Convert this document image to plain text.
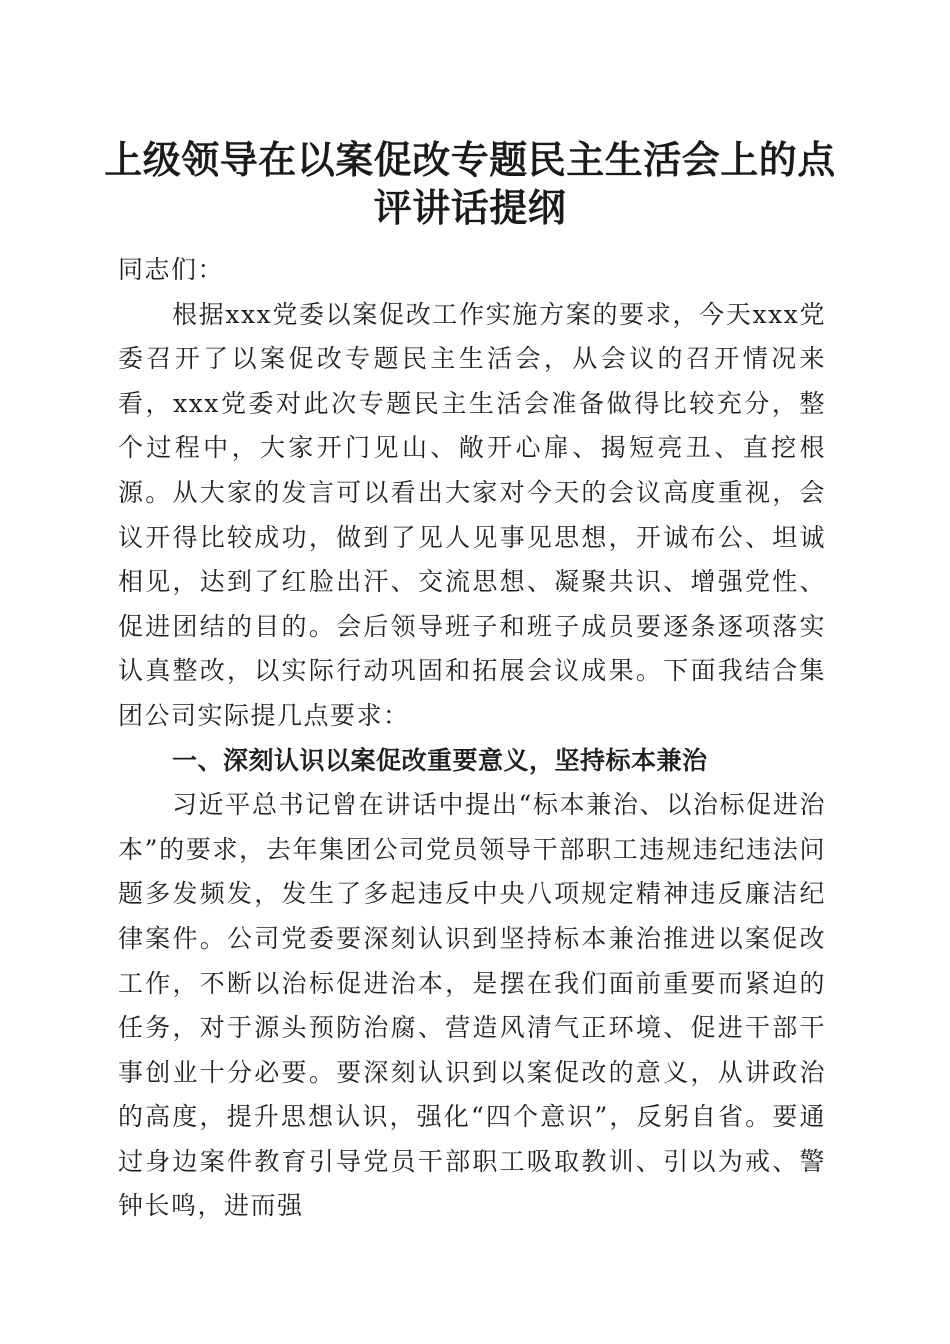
上级领导在以案促改专题民主生活会上的点评讲话提纲

同志们：

根据xxx党委以案促改工作实施方案的要求，今天xxx党委召开了以案促改专题民主生活会，从会议的召开情况来看，xxx党委对此次专题民主生活会准备做得比较充分，整个过程中，大家开门见山、敞开心扉、揭短亮丑、直挖根源。从大家的发言可以看出大家对今天的会议高度重视，会议开得比较成功，做到了见人见事见思想，开诚布公、坦诚相见，达到了红脸出汗、交流思想、凝聚共识、增强党性、促进团结的目的。会后领导班子和班子成员要逐条逐项落实认真整改，以实际行动巩固和拓展会议成果。下面我结合集团公司实际提几点要求：

一、深刻认识以案促改重要意义，坚持标本兼治

习近平总书记曾在讲话中提出“标本兼治、以治标促进治本”的要求，去年集团公司党员领导干部职工违规违纪违法问题多发频发，发生了多起违反中央八项规定精神违反廉洁纪律案件。公司党委要深刻认识到坚持标本兼治推进以案促改工作，不断以治标促进治本，是摆在我们面前重要而紧迫的任务，对于源头预防治腐、营造风清气正环境、促进干部干事创业十分必要。要深刻认识到以案促改的意义，从讲政治的高度，提升思想认识，强化“四个意识”，反躬自省。要通过身边案件教育引导党员干部职工吸取教训、引以为戒、警钟长鸣，进而强
